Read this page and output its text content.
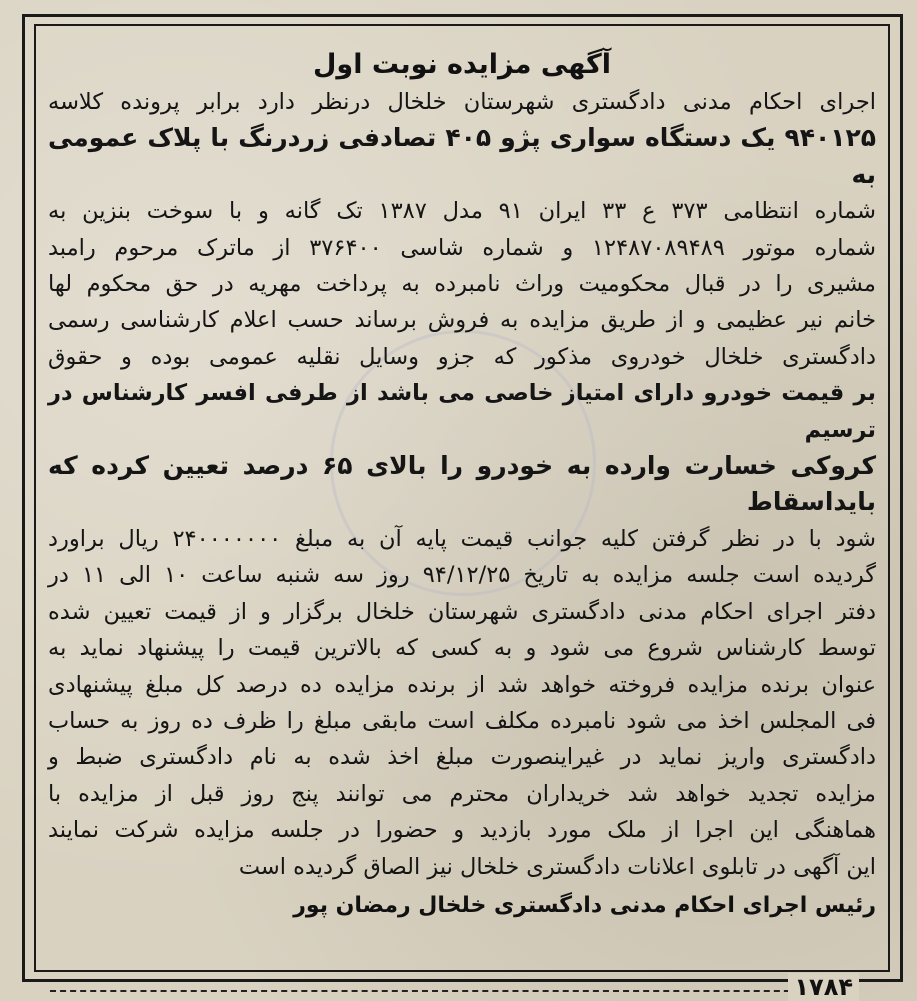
آگهی مزایده نوبت اول

اجرای احکام مدنی دادگستری شهرستان خلخال درنظر دارد برابر پرونده کلاسه

۹۴۰۱۲۵ یک دستگاه سواری پژو ۴۰۵ تصادفی زردرنگ با پلاک عمومی به

شماره انتظامی ۳۷۳ ع ۳۳ ایران ۹۱ مدل ۱۳۸۷ تک گانه و با سوخت بنزین به

شماره موتور ۱۲۴۸۷۰۸۹۴۸۹ و شماره شاسی ۳۷۶۴۰۰ از ماترک مرحوم رامبد

مشیری را در قبال محکومیت وراث نامبرده به پرداخت مهریه در حق محکوم لها

خانم نیر عظیمی و از طریق مزایده به فروش برساند حسب اعلام کارشناسی رسمی

دادگستری خلخال خودروی مذکور که جزو وسایل نقلیه عمومی بوده و حقوق

بر قیمت خودرو دارای امتیاز خاصی می باشد از طرفی افسر کارشناس در ترسیم

کروکی خسارت وارده به خودرو را بالای ۶۵ درصد تعیین کرده که بایداسقاط

شود با در نظر گرفتن کلیه جوانب قیمت پایه آن به مبلغ ۲۴۰۰۰۰۰۰۰ ریال براورد

گردیده است جلسه مزایده به تاریخ ۹۴/۱۲/۲۵ روز سه شنبه ساعت ۱۰ الی ۱۱ در

دفتر اجرای احکام مدنی دادگستری شهرستان خلخال برگزار و از قیمت تعیین شده

توسط کارشناس شروع می شود و به کسی که بالاترین قیمت را پیشنهاد نماید به

عنوان برنده مزایده فروخته خواهد شد از برنده مزایده ده درصد کل مبلغ پیشنهادی

فی المجلس اخذ می شود نامبرده مکلف است مابقی مبلغ را ظرف ده روز به حساب

دادگستری واریز نماید در غیراینصورت مبلغ اخذ شده به نام دادگستری ضبط و

مزایده تجدید خواهد شد خریداران محترم می توانند پنج روز قبل از مزایده با

هماهنگی این اجرا از ملک مورد بازدید و حضورا در جلسه مزایده شرکت نمایند

این آگهی در تابلوی اعلانات دادگستری خلخال نیز الصاق گردیده است

رئیس اجرای احکام مدنی دادگستری خلخال رمضان پور
۱۷۸۴
